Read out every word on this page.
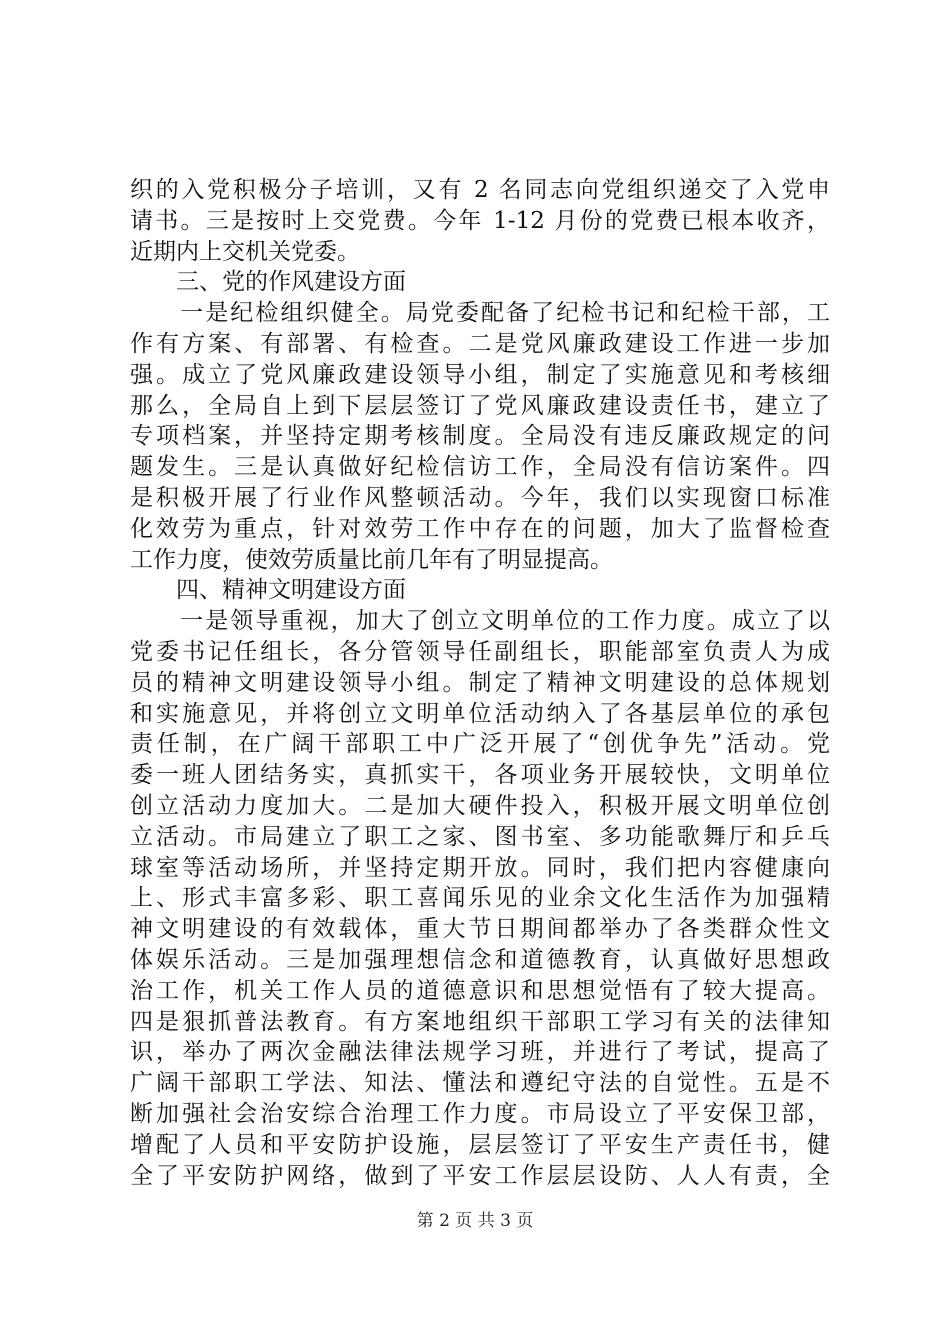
织的入党积极分子培训，又有 2 名同志向党组织递交了入党申
请书。三是按时上交党费。今年 1-12 月份的党费已根本收齐，
近期内上交机关党委。
　　三、党的作风建设方面
　　一是纪检组织健全。局党委配备了纪检书记和纪检干部，工
作有方案、有部署、有检查。二是党风廉政建设工作进一步加
强。成立了党风廉政建设领导小组，制定了实施意见和考核细
那么，全局自上到下层层签订了党风廉政建设责任书，建立了
专项档案，并坚持定期考核制度。全局没有违反廉政规定的问
题发生。三是认真做好纪检信访工作，全局没有信访案件。四
是积极开展了行业作风整顿活动。今年，我们以实现窗口标准
化效劳为重点，针对效劳工作中存在的问题，加大了监督检查
工作力度，使效劳质量比前几年有了明显提高。
　　四、精神文明建设方面
　　一是领导重视，加大了创立文明单位的工作力度。成立了以
党委书记任组长，各分管领导任副组长，职能部室负责人为成
员的精神文明建设领导小组。制定了精神文明建设的总体规划
和实施意见，并将创立文明单位活动纳入了各基层单位的承包
责任制，在广阔干部职工中广泛开展了“创优争先”活动。党
委一班人团结务实，真抓实干，各项业务开展较快，文明单位
创立活动力度加大。二是加大硬件投入，积极开展文明单位创
立活动。市局建立了职工之家、图书室、多功能歌舞厅和乒乓
球室等活动场所，并坚持定期开放。同时，我们把内容健康向
上、形式丰富多彩、职工喜闻乐见的业余文化生活作为加强精
神文明建设的有效载体，重大节日期间都举办了各类群众性文
体娱乐活动。三是加强理想信念和道德教育，认真做好思想政
治工作，机关工作人员的道德意识和思想觉悟有了较大提高。
四是狠抓普法教育。有方案地组织干部职工学习有关的法律知
识，举办了两次金融法律法规学习班，并进行了考试，提高了
广阔干部职工学法、知法、懂法和遵纪守法的自觉性。五是不
断加强社会治安综合治理工作力度。市局设立了平安保卫部，
增配了人员和平安防护设施，层层签订了平安生产责任书，健
全了平安防护网络，做到了平安工作层层设防、人人有责，全
第 2 页 共 3 页
